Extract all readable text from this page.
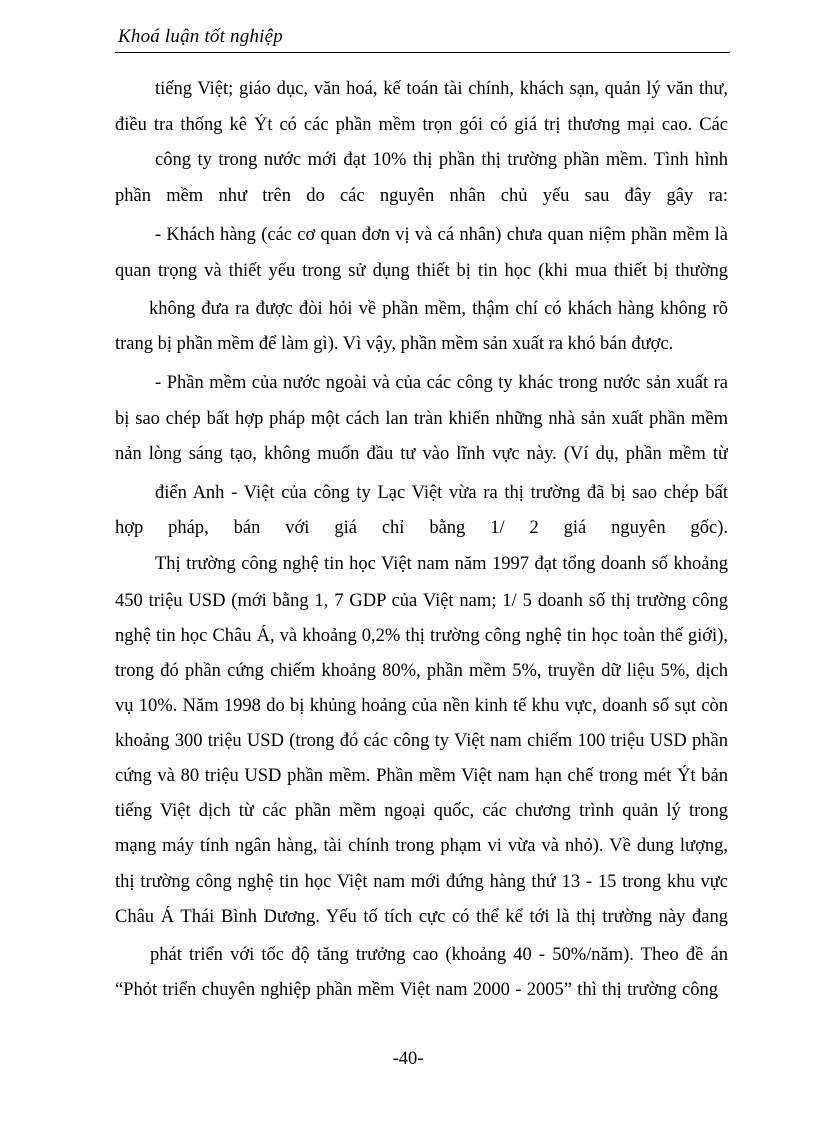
Khoá luận tốt nghiệp
tiếng Việt; giáo dục, văn hoá, kế toán tài chính, khách sạn, quản lý văn thư,
điều tra thống kê Ýt có các phần mềm trọn gói có giá trị thương mại cao. Các
công ty trong nước mới đạt 10% thị phần thị trường phần mềm. Tình hình
phần mềm như trên do các nguyên nhân chủ yếu sau đây gây ra:
- Khách hàng (các cơ quan đơn vị và cá nhân) chưa quan niệm phần mềm là
quan trọng và thiết yếu trong sử dụng thiết bị tin học (khi mua thiết bị thường
không đưa ra được đòi hỏi về phần mềm, thậm chí có khách hàng không rõ
trang bị phần mềm để làm gì). Vì vậy, phần mềm sản xuất ra khó bán được.
- Phần mềm của nước ngoài và của các công ty khác trong nước sản xuất ra
bị sao chép bất hợp pháp một cách lan tràn khiến những nhà sản xuất phần mềm
nản lòng sáng tạo, không muốn đầu tư vào lĩnh vực này. (Ví dụ, phần mềm từ
điển Anh - Việt của công ty Lạc Việt vừa ra thị trường đã bị sao chép bất
hợp pháp, bán với giá chỉ bằng 1/ 2 giá nguyên gốc).
Thị trường công nghệ tin học Việt nam năm 1997 đạt tổng doanh số khoảng
450 triệu USD (mới bằng 1, 7 GDP của Việt nam; 1/ 5 doanh số thị trường công
nghệ tin học Châu Á, và khoảng 0,2% thị trường công nghệ tin học toàn thế giới),
trong đó phần cứng chiếm khoảng 80%, phần mềm 5%, truyền dữ liệu 5%, dịch
vụ 10%. Năm 1998 do bị khủng hoảng của nền kinh tế khu vực, doanh số sụt còn
khoảng 300 triệu USD (trong đó các công ty Việt nam chiếm 100 triệu USD phần
cứng và 80 triệu USD phần mềm. Phần mềm Việt nam hạn chế trong mét Ýt bản
tiếng Việt dịch từ các phần mềm ngoại quốc, các chương trình quản lý trong
mạng máy tính ngân hàng, tài chính trong phạm vi vừa và nhỏ). Về dung lượng,
thị trường công nghệ tin học Việt nam mới đứng hàng thứ 13 - 15 trong khu vực
Châu Á Thái Bình Dương. Yếu tố tích cực có thể kể tới là thị trường này đang
phát triển với tốc độ tăng trưởng cao (khoảng 40 - 50%/năm). Theo đề án
“Phỏt triển chuyên nghiệp phần mềm Việt nam 2000 - 2005” thì thị trường công
-40-
